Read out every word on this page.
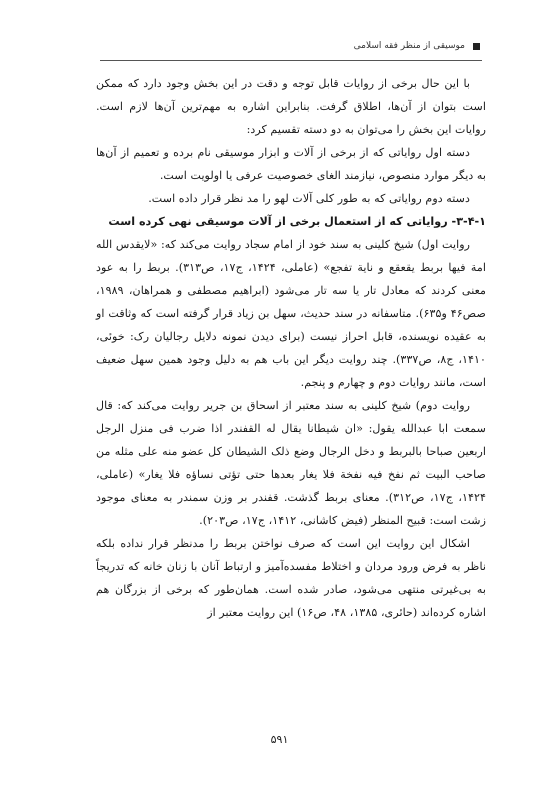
موسیقی از منظر فقه اسلامی

با این حال برخی از روایات قابل توجه و دقت در این بخش وجود دارد که ممکن است بتوان از آن‌ها، اطلاق گرفت. بنابراین اشاره به مهم‌ترین آن‌ها لازم است. روایات این بخش را می‌توان به دو دسته تقسیم کرد:

دسته اول روایاتی که از برخی از آلات و ابزار موسیقی نام برده و تعمیم از آن‌ها به دیگر موارد منصوص، نیازمند الغای خصوصیت عرفی یا اولویت است.

دسته دوم روایاتی که به طور کلی آلات لهو را مد نظر قرار داده است.

۳-۴-۱- روایاتی که از استعمال برخی از آلات موسیقی نهی کرده است

روایت اول) شیخ کلینی به سند خود از امام سجاد روایت می‌کند که: «لایقدس الله امة فیها بربط یقعقع و نایة تفجع» (عاملی، ۱۴۲۴، ج۱۷، ص۳۱۳). بربط را به عود معنی کردند که معادل تار یا سه تار می‌شود (ابراهیم مصطفی و همراهان، ۱۹۸۹، صص۴۶ و۶۳۵). متاسفانه در سند حدیث، سهل بن زیاد قرار گرفته است که وثاقت او به عقیده نویسنده، قابل احراز نیست (برای دیدن نمونه دلایل رجالیان رک: خوئی، ۱۴۱۰، ج۸، ص۳۳۷). چند روایت دیگر این باب هم به دلیل وجود همین سهل ضعیف است، مانند روایات دوم و چهارم و پنجم.

روایت دوم) شیخ کلینی به سند معتبر از اسحاق بن جریر روایت می‌کند که: قال سمعت ابا عبدالله یقول: «ان شیطانا یقال له القفندر اذا ضرب فی منزل الرجل اربعین صباحا بالبربط و دخل الرجال وضع ذلک الشیطان کل عضو منه علی مثله من صاحب البیت ثم نفخ فیه نفخة فلا یغار بعدها حتی تؤتی نساؤه فلا یغار» (عاملی، ۱۴۲۴، ج۱۷، ص۳۱۲). معنای بربط گذشت. قفندر بر وزن سمندر به معنای موجود زشت است: قبیح المنظر (فیض کاشانی، ۱۴۱۲، ج۱۷، ص۲۰۳).

اشکال این روایت این است که صرف نواختن بربط را مدنظر قرار نداده بلکه ناظر به فرض ورود مردان و اختلاط مفسده‌آمیز و ارتباط آنان با زنان خانه که تدریجاً به بی‌غیرتی منتهی می‌شود، صادر شده است. همان‌طور که برخی از بزرگان هم اشاره کرده‌اند (حائری، ۱۳۸۵، ۴۸، ص۱۶) این روایت معتبر از

۵۹۱
